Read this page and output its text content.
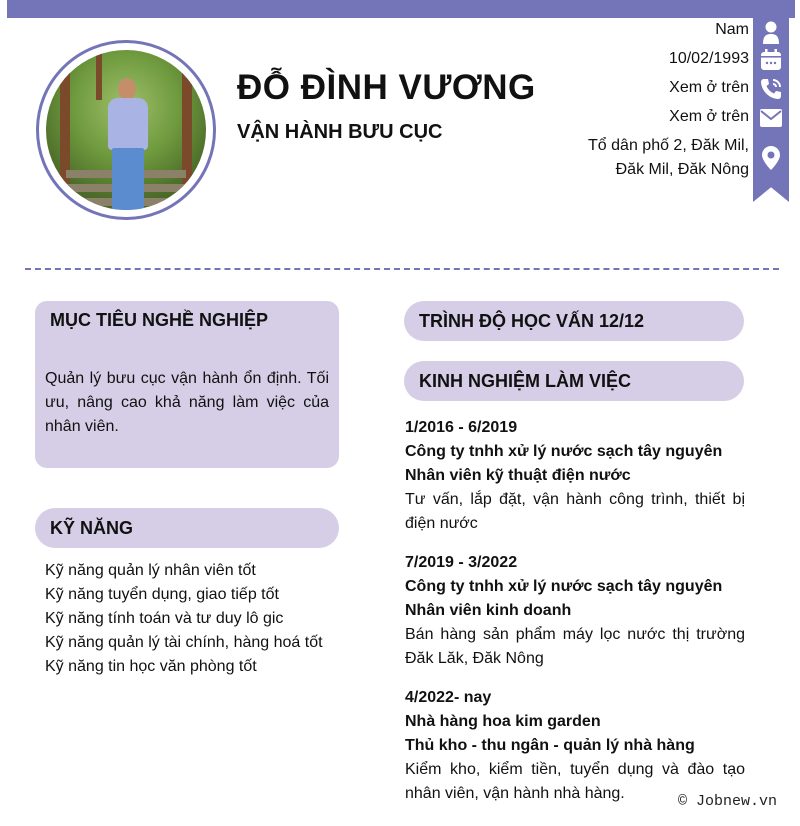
ĐỖ ĐÌNH VƯƠNG
VẬN HÀNH BƯU CỤC
Nam
10/02/1993
Xem ở trên
Xem ở trên
Tổ dân phố 2, Đăk Mil,
Đăk Mil, Đăk Nông
MỤC TIÊU NGHỀ NGHIỆP
Quản lý bưu cục vận hành ổn định. Tối ưu, nâng cao khả năng làm việc của nhân viên.
KỸ NĂNG
Kỹ năng quản lý nhân viên tốt
Kỹ năng tuyển dụng, giao tiếp tốt
Kỹ năng tính toán và tư duy lô gic
Kỹ năng quản lý tài chính, hàng hoá tốt
Kỹ năng tin học văn phòng tốt
TRÌNH ĐỘ HỌC VẤN 12/12
KINH NGHIỆM LÀM VIỆC
1/2016 - 6/2019
Công ty tnhh xử lý nước sạch tây nguyên
Nhân viên kỹ thuật điện nước
Tư vấn, lắp đặt, vận hành công trình, thiết bị điện nước
7/2019 - 3/2022
Công ty tnhh xử lý nước sạch tây nguyên
Nhân viên kinh doanh
Bán hàng sản phẩm máy lọc nước thị trường Đăk Lăk, Đăk Nông
4/2022- nay
Nhà hàng hoa kim garden
Thủ kho - thu ngân - quản lý nhà hàng
Kiểm kho, kiểm tiền, tuyển dụng và đào tạo nhân viên, vận hành nhà hàng.	© Jobnew.vn
